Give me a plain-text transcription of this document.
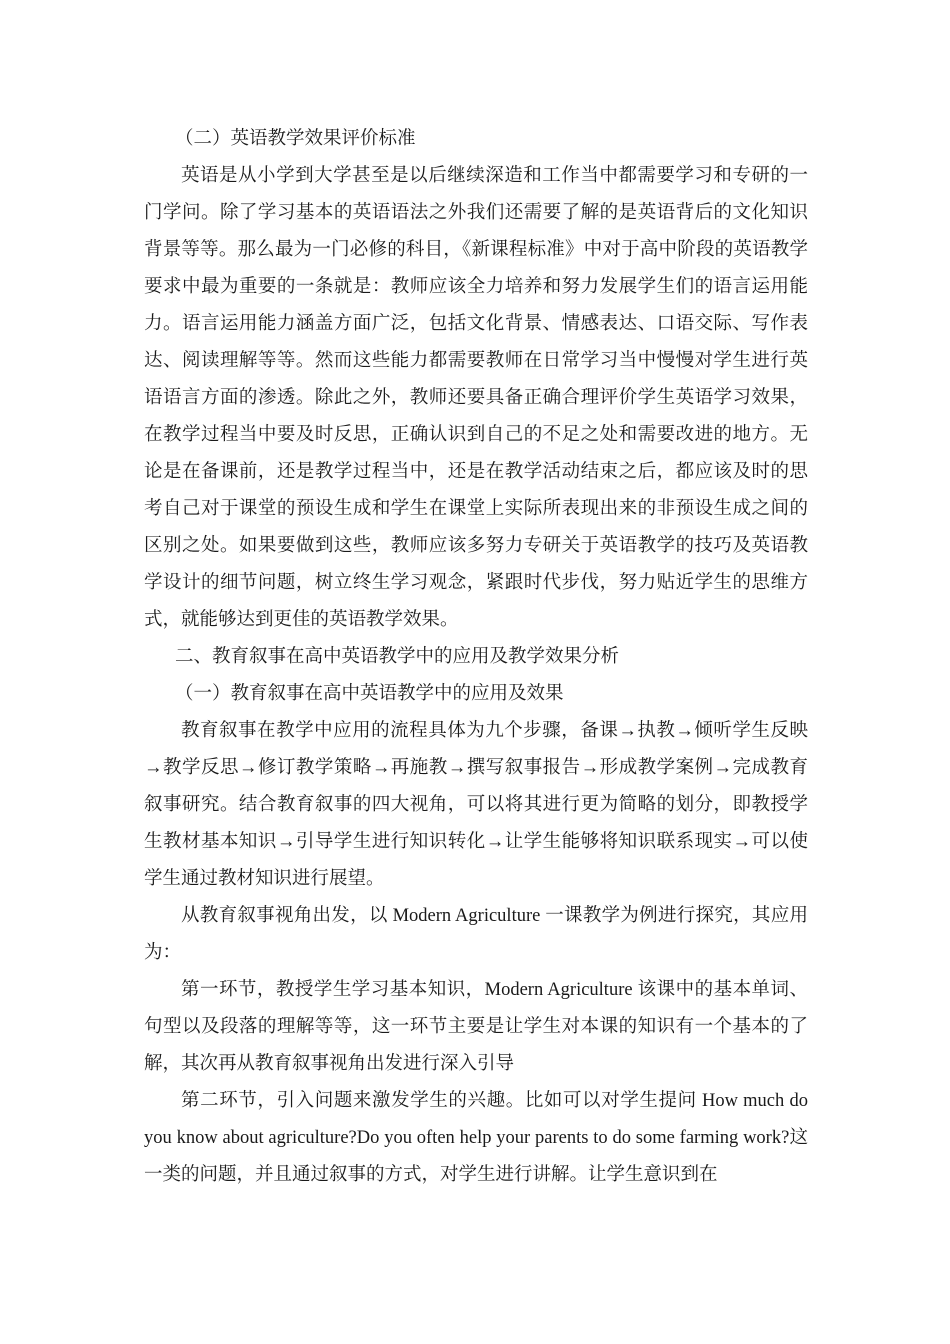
（二）英语教学效果评价标准

英语是从小学到大学甚至是以后继续深造和工作当中都需要学习和专研的一门学问。除了学习基本的英语语法之外我们还需要了解的是英语背后的文化知识背景等等。那么最为一门必修的科目，《新课程标准》中对于高中阶段的英语教学要求中最为重要的一条就是：教师应该全力培养和努力发展学生们的语言运用能力。语言运用能力涵盖方面广泛，包括文化背景、情感表达、口语交际、写作表达、阅读理解等等。然而这些能力都需要教师在日常学习当中慢慢对学生进行英语语言方面的渗透。除此之外，教师还要具备正确合理评价学生英语学习效果，在教学过程当中要及时反思，正确认识到自己的不足之处和需要改进的地方。无论是在备课前，还是教学过程当中，还是在教学活动结束之后，都应该及时的思考自己对于课堂的预设生成和学生在课堂上实际所表现出来的非预设生成之间的区别之处。如果要做到这些，教师应该多努力专研关于英语教学的技巧及英语教学设计的细节问题，树立终生学习观念，紧跟时代步伐，努力贴近学生的思维方式，就能够达到更佳的英语教学效果。

二、教育叙事在高中英语教学中的应用及教学效果分析
（一）教育叙事在高中英语教学中的应用及效果

教育叙事在教学中应用的流程具体为九个步骤，备课→执教→倾听学生反映→教学反思→修订教学策略→再施教→撰写叙事报告→形成教学案例→完成教育叙事研究。结合教育叙事的四大视角，可以将其进行更为简略的划分，即教授学生教材基本知识→引导学生进行知识转化→让学生能够将知识联系现实→可以使学生通过教材知识进行展望。

从教育叙事视角出发，以 Modern Agriculture 一课教学为例进行探究，其应用为：

第一环节，教授学生学习基本知识，Modern Agriculture 该课中的基本单词、句型以及段落的理解等等，这一环节主要是让学生对本课的知识有一个基本的了解，其次再从教育叙事视角出发进行深入引导

第二环节，引入问题来激发学生的兴趣。比如可以对学生提问 How much do you know about agriculture?Do you often help your parents to do some farming work?这一类的问题，并且通过叙事的方式，对学生进行讲解。让学生意识到在
